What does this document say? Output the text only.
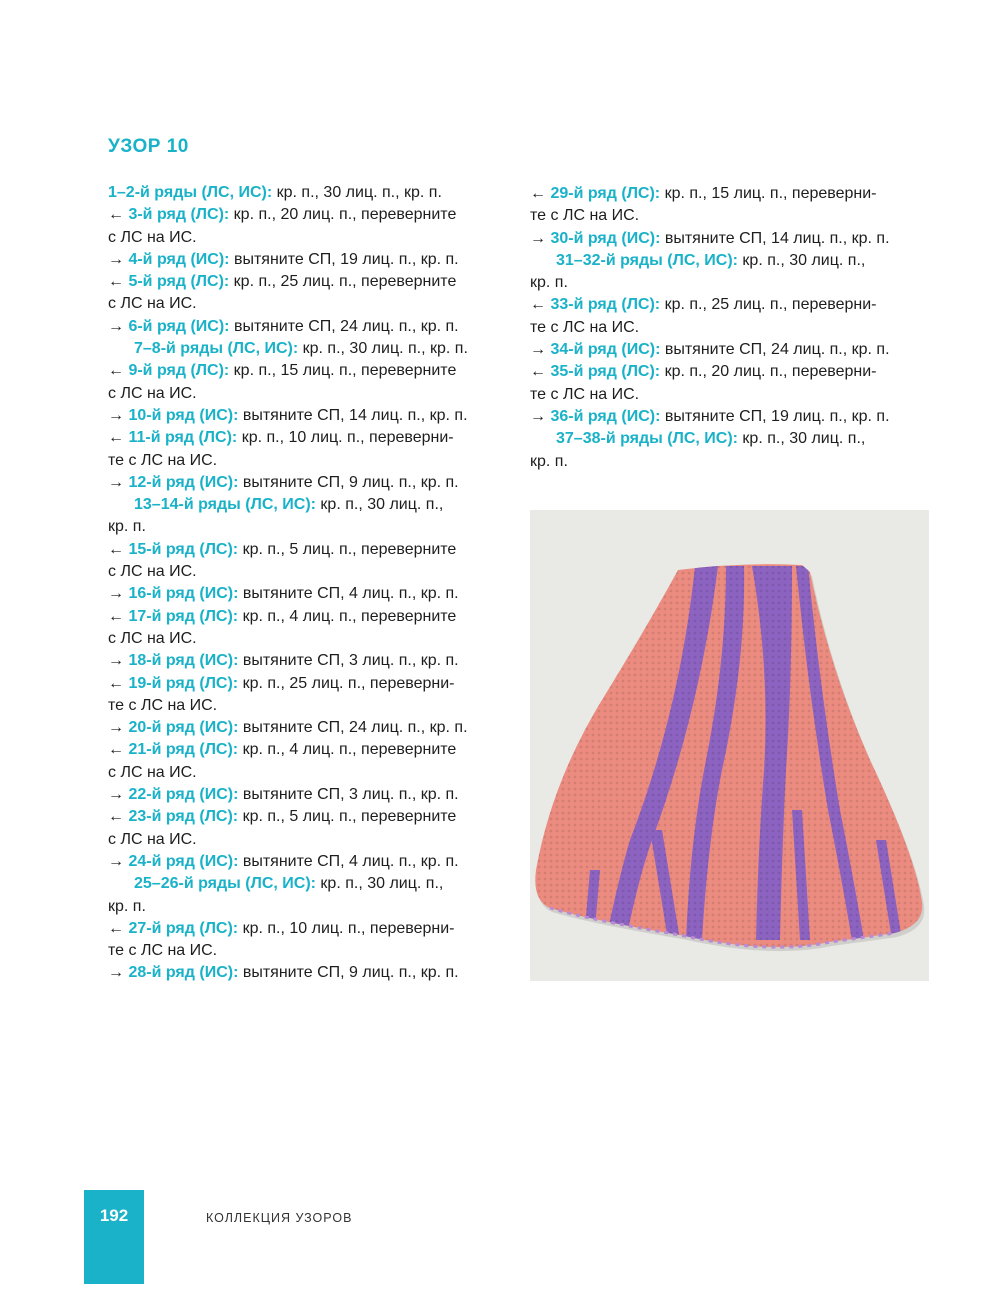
УЗОР 10
1–2-й ряды (ЛС, ИС): кр. п., 30 лиц. п., кр. п.
← 3-й ряд (ЛС): кр. п., 20 лиц. п., переверните
с ЛС на ИС.
→ 4-й ряд (ИС): вытяните СП, 19 лиц. п., кр. п.
← 5-й ряд (ЛС): кр. п., 25 лиц. п., переверните
с ЛС на ИС.
→ 6-й ряд (ИС): вытяните СП, 24 лиц. п., кр. п.
7–8-й ряды (ЛС, ИС): кр. п., 30 лиц. п., кр. п.
← 9-й ряд (ЛС): кр. п., 15 лиц. п., переверните
с ЛС на ИС.
→ 10-й ряд (ИС): вытяните СП, 14 лиц. п., кр. п.
← 11-й ряд (ЛС): кр. п., 10 лиц. п., переверни-
те с ЛС на ИС.
→ 12-й ряд (ИС): вытяните СП, 9 лиц. п., кр. п.
13–14-й ряды (ЛС, ИС): кр. п., 30 лиц. п.,
кр. п.
← 15-й ряд (ЛС): кр. п., 5 лиц. п., переверните
с ЛС на ИС.
→ 16-й ряд (ИС): вытяните СП, 4 лиц. п., кр. п.
← 17-й ряд (ЛС): кр. п., 4 лиц. п., переверните
с ЛС на ИС.
→ 18-й ряд (ИС): вытяните СП, 3 лиц. п., кр. п.
← 19-й ряд (ЛС): кр. п., 25 лиц. п., переверни-
те с ЛС на ИС.
→ 20-й ряд (ИС): вытяните СП, 24 лиц. п., кр. п.
← 21-й ряд (ЛС): кр. п., 4 лиц. п., переверните
с ЛС на ИС.
→ 22-й ряд (ИС): вытяните СП, 3 лиц. п., кр. п.
← 23-й ряд (ЛС): кр. п., 5 лиц. п., переверните
с ЛС на ИС.
→ 24-й ряд (ИС): вытяните СП, 4 лиц. п., кр. п.
25–26-й ряды (ЛС, ИС): кр. п., 30 лиц. п.,
кр. п.
← 27-й ряд (ЛС): кр. п., 10 лиц. п., переверни-
те с ЛС на ИС.
→ 28-й ряд (ИС): вытяните СП, 9 лиц. п., кр. п.
← 29-й ряд (ЛС): кр. п., 15 лиц. п., переверни-
те с ЛС на ИС.
→ 30-й ряд (ИС): вытяните СП, 14 лиц. п., кр. п.
31–32-й ряды (ЛС, ИС): кр. п., 30 лиц. п.,
кр. п.
← 33-й ряд (ЛС): кр. п., 25 лиц. п., переверни-
те с ЛС на ИС.
→ 34-й ряд (ИС): вытяните СП, 24 лиц. п., кр. п.
← 35-й ряд (ЛС): кр. п., 20 лиц. п., переверни-
те с ЛС на ИС.
→ 36-й ряд (ИС): вытяните СП, 19 лиц. п., кр. п.
37–38-й ряды (ЛС, ИС): кр. п., 30 лиц. п.,
кр. п.
192	КОЛЛЕКЦИЯ УЗОРОВ
